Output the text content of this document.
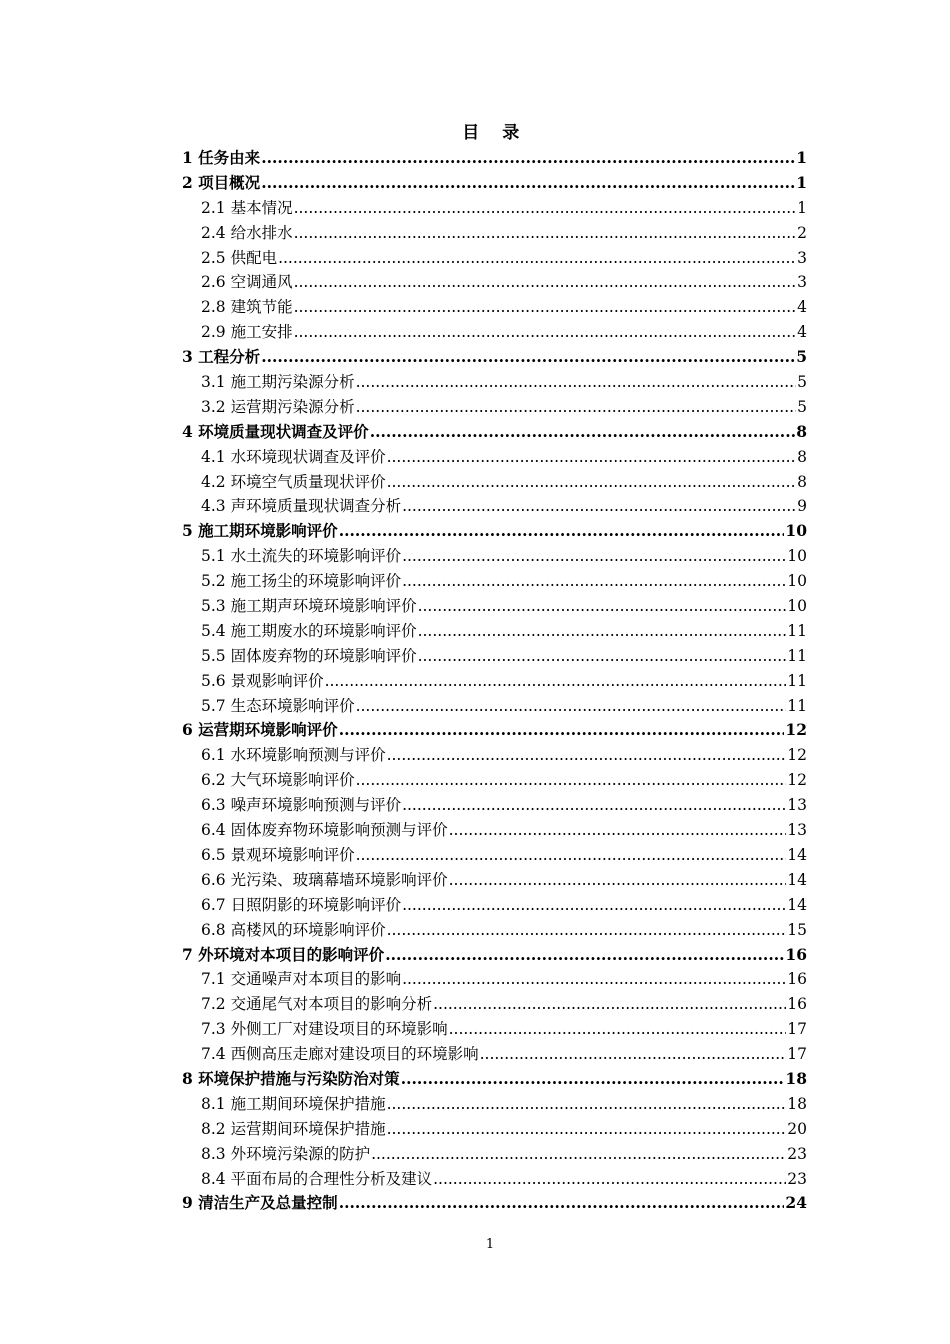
目 录
1 任务由来 .....	1
2 项目概况 .....	1
2.1 基本情况 .....	1
2.4 给水排水 .....	2
2.5 供配电 .....	3
2.6 空调通风 .....	3
2.8 建筑节能 .....	4
2.9 施工安排 .....	4
3 工程分析 .....	5
3.1 施工期污染源分析 .....	5
3.2 运营期污染源分析 .....	5
4 环境质量现状调查及评价 .....	8
4.1 水环境现状调查及评价 .....	8
4.2 环境空气质量现状评价 .....	8
4.3 声环境质量现状调查分析 .....	9
5 施工期环境影响评价 .....	10
5.1 水土流失的环境影响评价 .....	10
5.2 施工扬尘的环境影响评价 .....	10
5.3 施工期声环境环境影响评价 .....	10
5.4 施工期废水的环境影响评价 .....	11
5.5 固体废弃物的环境影响评价 .....	11
5.6 景观影响评价 .....	11
5.7 生态环境影响评价 .....	11
6 运营期环境影响评价 .....	12
6.1 水环境影响预测与评价 .....	12
6.2 大气环境影响评价 .....	12
6.3 噪声环境影响预测与评价 .....	13
6.4 固体废弃物环境影响预测与评价 .....	13
6.5 景观环境影响评价 .....	14
6.6 光污染、玻璃幕墙环境影响评价 .....	14
6.7 日照阴影的环境影响评价 .....	14
6.8 高楼风的环境影响评价 .....	15
7 外环境对本项目的影响评价 .....	16
7.1 交通噪声对本项目的影响 .....	16
7.2 交通尾气对本项目的影响分析 .....	16
7.3 外侧工厂对建设项目的环境影响 .....	17
7.4 西侧高压走廊对建设项目的环境影响 .....	17
8 环境保护措施与污染防治对策 .....	18
8.1 施工期间环境保护措施 .....	18
8.2 运营期间环境保护措施 .....	20
8.3 外环境污染源的防护 .....	23
8.4 平面布局的合理性分析及建议 .....	23
9 清洁生产及总量控制 .....	24
1
